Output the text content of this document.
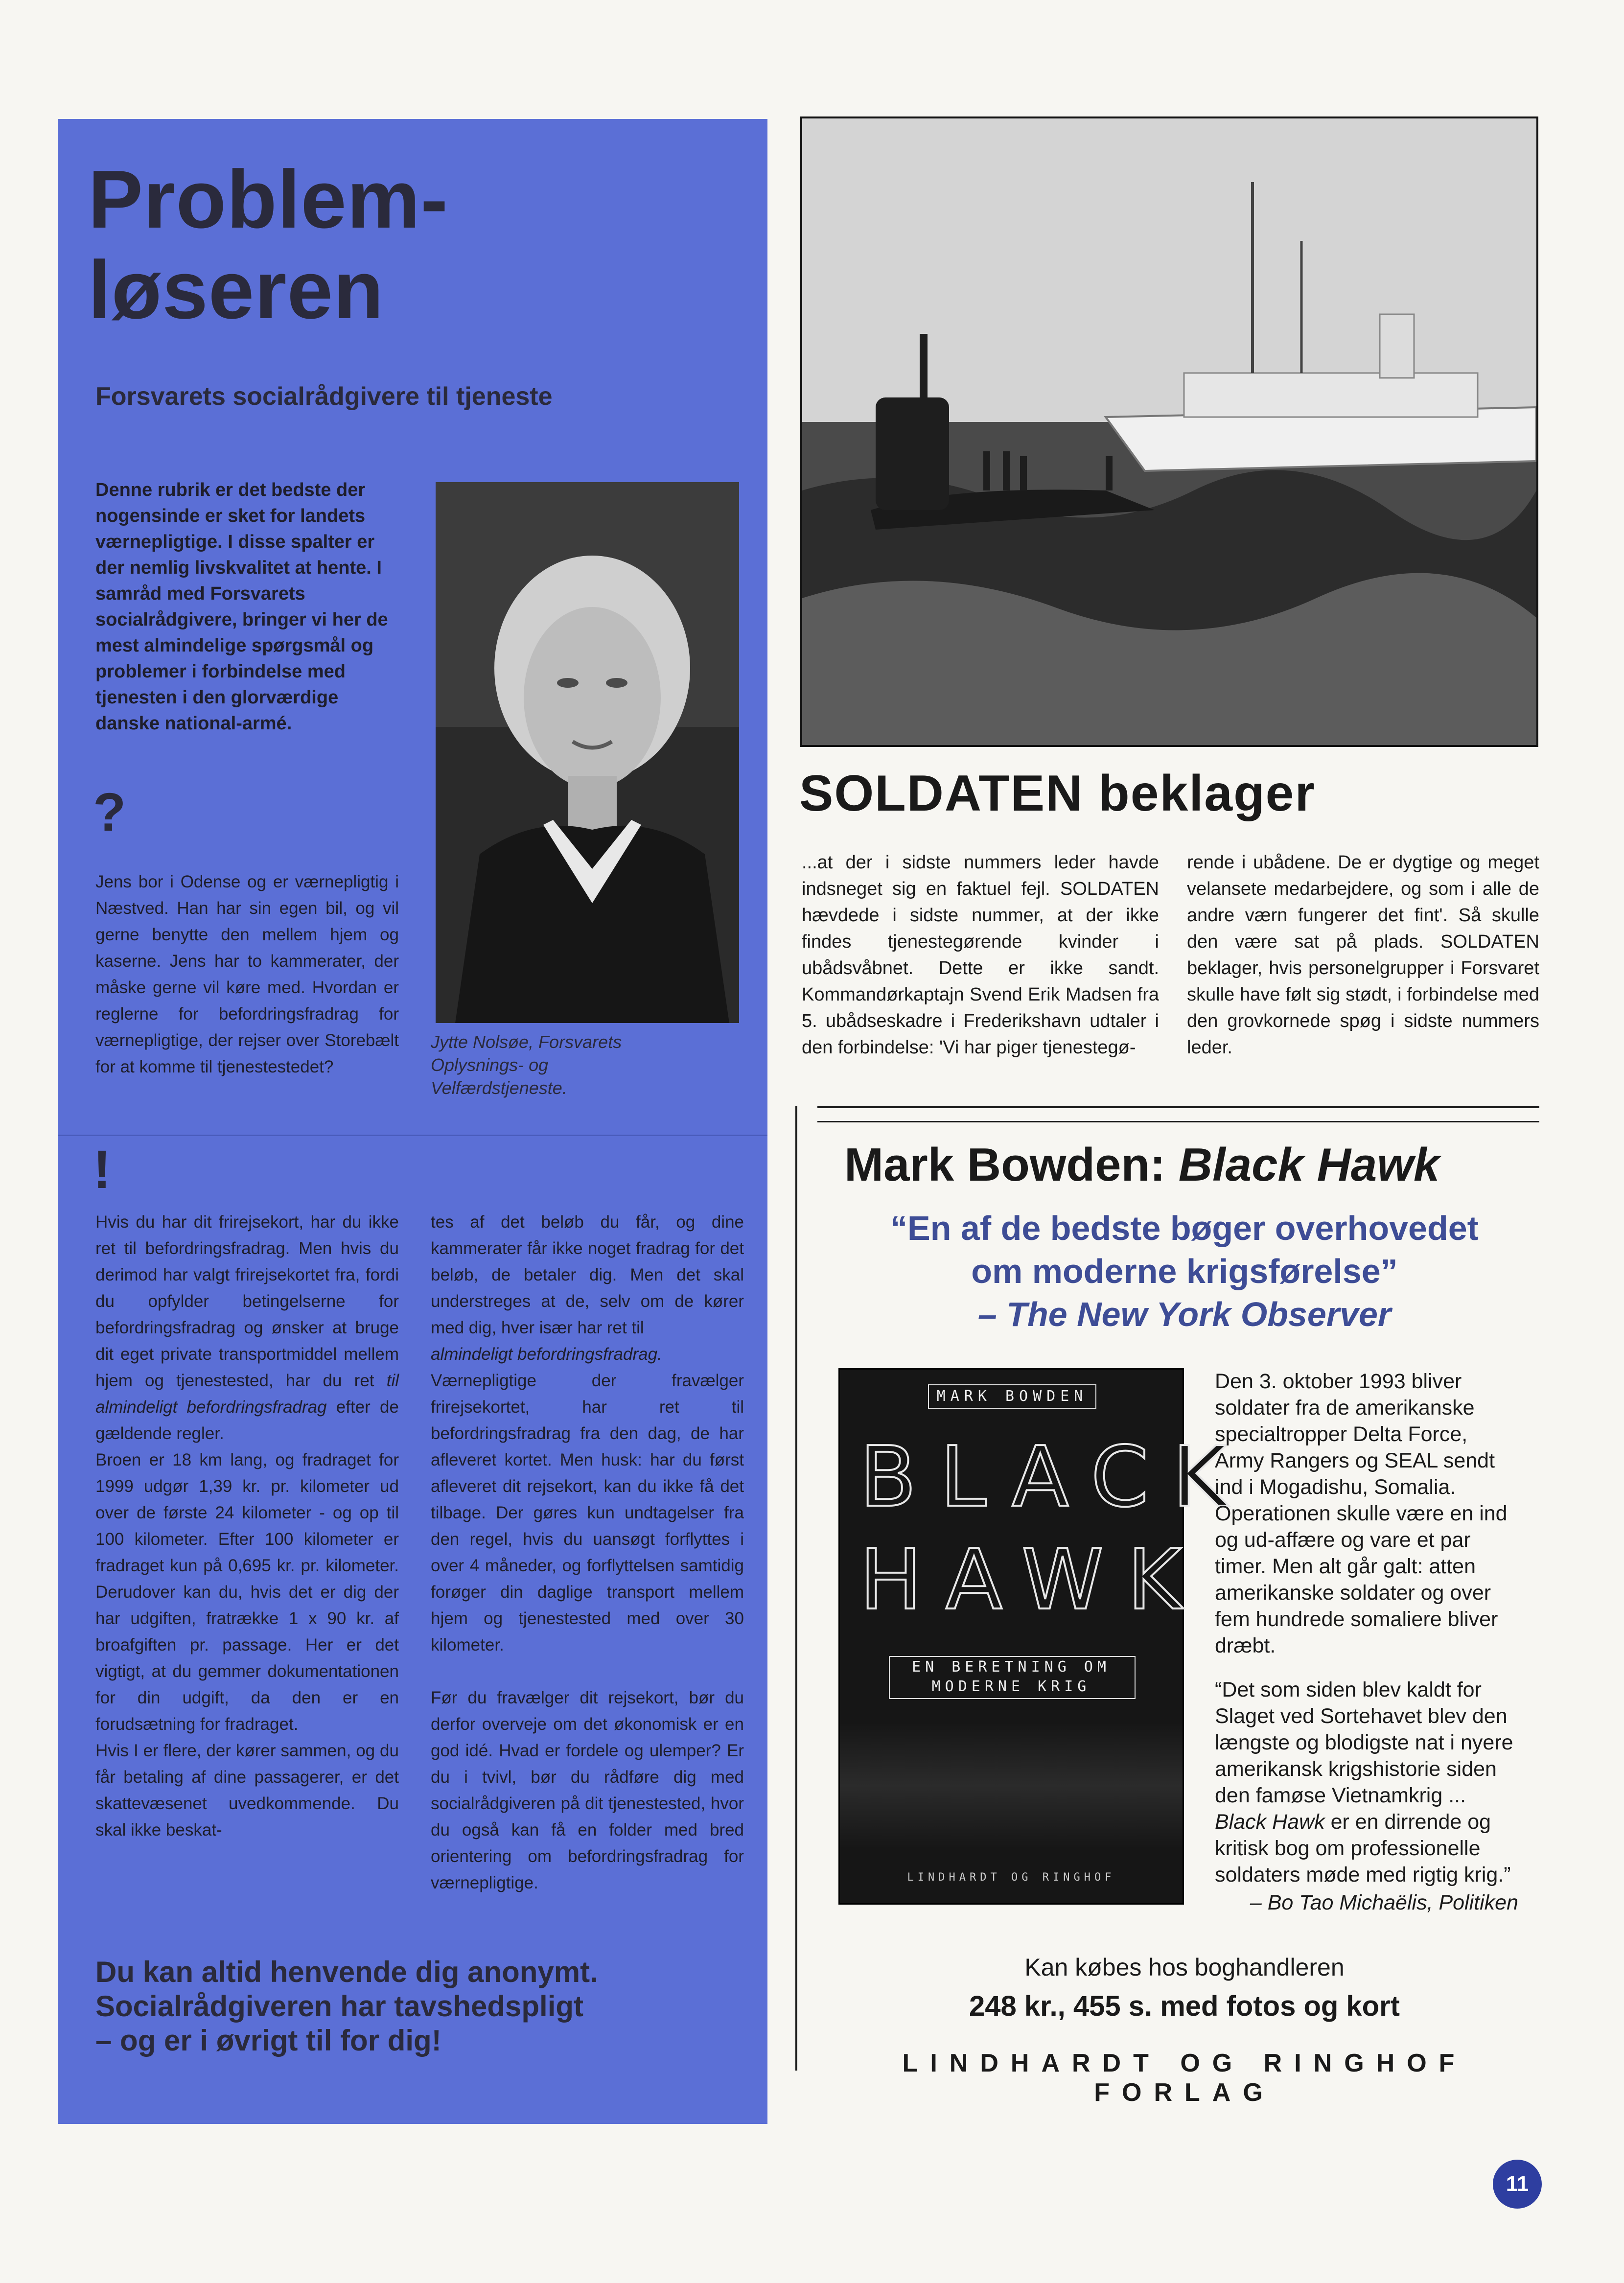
Problem-
løseren
Forsvarets socialrådgivere til tjeneste
Denne rubrik er det bedste der nogensinde er sket for landets værnepligtige. I disse spalter er der nemlig livskvalitet at hente. I samråd med Forsvarets socialrådgivere, bringer vi her de mest almindelige spørgsmål og problemer i forbindelse med tjenesten i den glorværdige danske national-armé.
?
Jens bor i Odense og er værnepligtig i Næstved. Han har sin egen bil, og vil gerne benytte den mellem hjem og kaserne. Jens har to kammerater, der måske gerne vil køre med. Hvordan er reglerne for befordringsfradrag for værnepligtige, der rejser over Storebælt for at komme til tjenestestedet?
Jytte Nolsøe, Forsvarets Oplysnings- og Velfærdstjeneste.
!
Hvis du har dit frirejsekort, har du ikke ret til befordringsfradrag. Men hvis du derimod har valgt frirejsekortet fra, fordi du opfylder betingelserne for befordringsfradrag og ønsker at bruge dit eget private transportmiddel mellem hjem og tjenestested, har du ret til almindeligt befordringsfradrag efter de gældende regler.
Broen er 18 km lang, og fradraget for 1999 udgør 1,39 kr. pr. kilometer ud over de første 24 kilometer - og op til 100 kilometer. Efter 100 kilometer er fradraget kun på 0,695 kr. pr. kilometer. Derudover kan du, hvis det er dig der har udgiften, fratrække 1 x 90 kr. af broafgiften pr. passage. Her er det vigtigt, at du gemmer dokumentationen for din udgift, da den er en forudsætning for fradraget.
Hvis I er flere, der kører sammen, og du får betaling af dine passagerer, er det skattevæsenet uvedkommende. Du skal ikke beskat-
tes af det beløb du får, og dine kammerater får ikke noget fradrag for det beløb, de betaler dig. Men det skal understreges at de, selv om de kører med dig, hver især har ret til
almindeligt befordringsfradrag.
Værnepligtige der fravælger frirejsekortet, har ret til befordringsfradrag fra den dag, de har afleveret kortet. Men husk: har du først afleveret dit rejsekort, kan du ikke få det tilbage. Der gøres kun undtagelser fra den regel, hvis du uansøgt forflyttes i over 4 måneder, og forflyttelsen samtidig forøger din daglige transport mellem hjem og tjenestested med over 30 kilometer.

Før du fravælger dit rejsekort, bør du derfor overveje om det økonomisk er en god idé. Hvad er fordele og ulemper? Er du i tvivl, bør du rådføre dig med socialrådgiveren på dit tjenestested, hvor du også kan få en folder med bred orientering om befordringsfradrag for værnepligtige.
Du kan altid henvende dig anonymt.
Socialrådgiveren har tavshedspligt
– og er i øvrigt til for dig!
SOLDATEN beklager
...at der i sidste nummers leder havde indsneget sig en faktuel fejl. SOLDATEN hævdede i sidste nummer, at der ikke findes tjenestegørende kvinder i ubådsvåbnet. Dette er ikke sandt. Kommandørkaptajn Svend Erik Madsen fra 5. ubådseskadre i Frederikshavn udtaler i den forbindelse: 'Vi har piger tjenestegø-
rende i ubådene. De er dygtige og meget velansete medarbejdere, og som i alle de andre værn fungerer det fint'. Så skulle den være sat på plads. SOLDATEN beklager, hvis personelgrupper i Forsvaret skulle have følt sig stødt, i forbindelse med den grovkornede spøg i sidste nummers leder.
Mark Bowden: Black Hawk
“En af de bedste bøger overhovedet
om moderne krigsførelse”
– The New York Observer
MARK BOWDEN
BLACK
HAWK
EN BERETNING OM
MODERNE KRIG
LINDHARDT OG RINGHOF
Den 3. oktober 1993 bliver soldater fra de amerikanske specialtropper Delta Force, Army Rangers og SEAL sendt ind i Mogadishu, Somalia. Operationen skulle være en ind og ud-affære og vare et par timer. Men alt går galt: atten amerikanske soldater og over fem hundrede somaliere bliver dræbt.
“Det som siden blev kaldt for Slaget ved Sortehavet blev den længste og blodigste nat i nyere amerikansk krigshistorie siden den famøse Vietnamkrig ... Black Hawk er en dirrende og kritisk bog om professionelle soldaters møde med rigtig krig.”
– Bo Tao Michaëlis, Politiken
Kan købes hos boghandleren
248 kr., 455 s. med fotos og kort
LINDHARDT OG RINGHOF FORLAG
11
